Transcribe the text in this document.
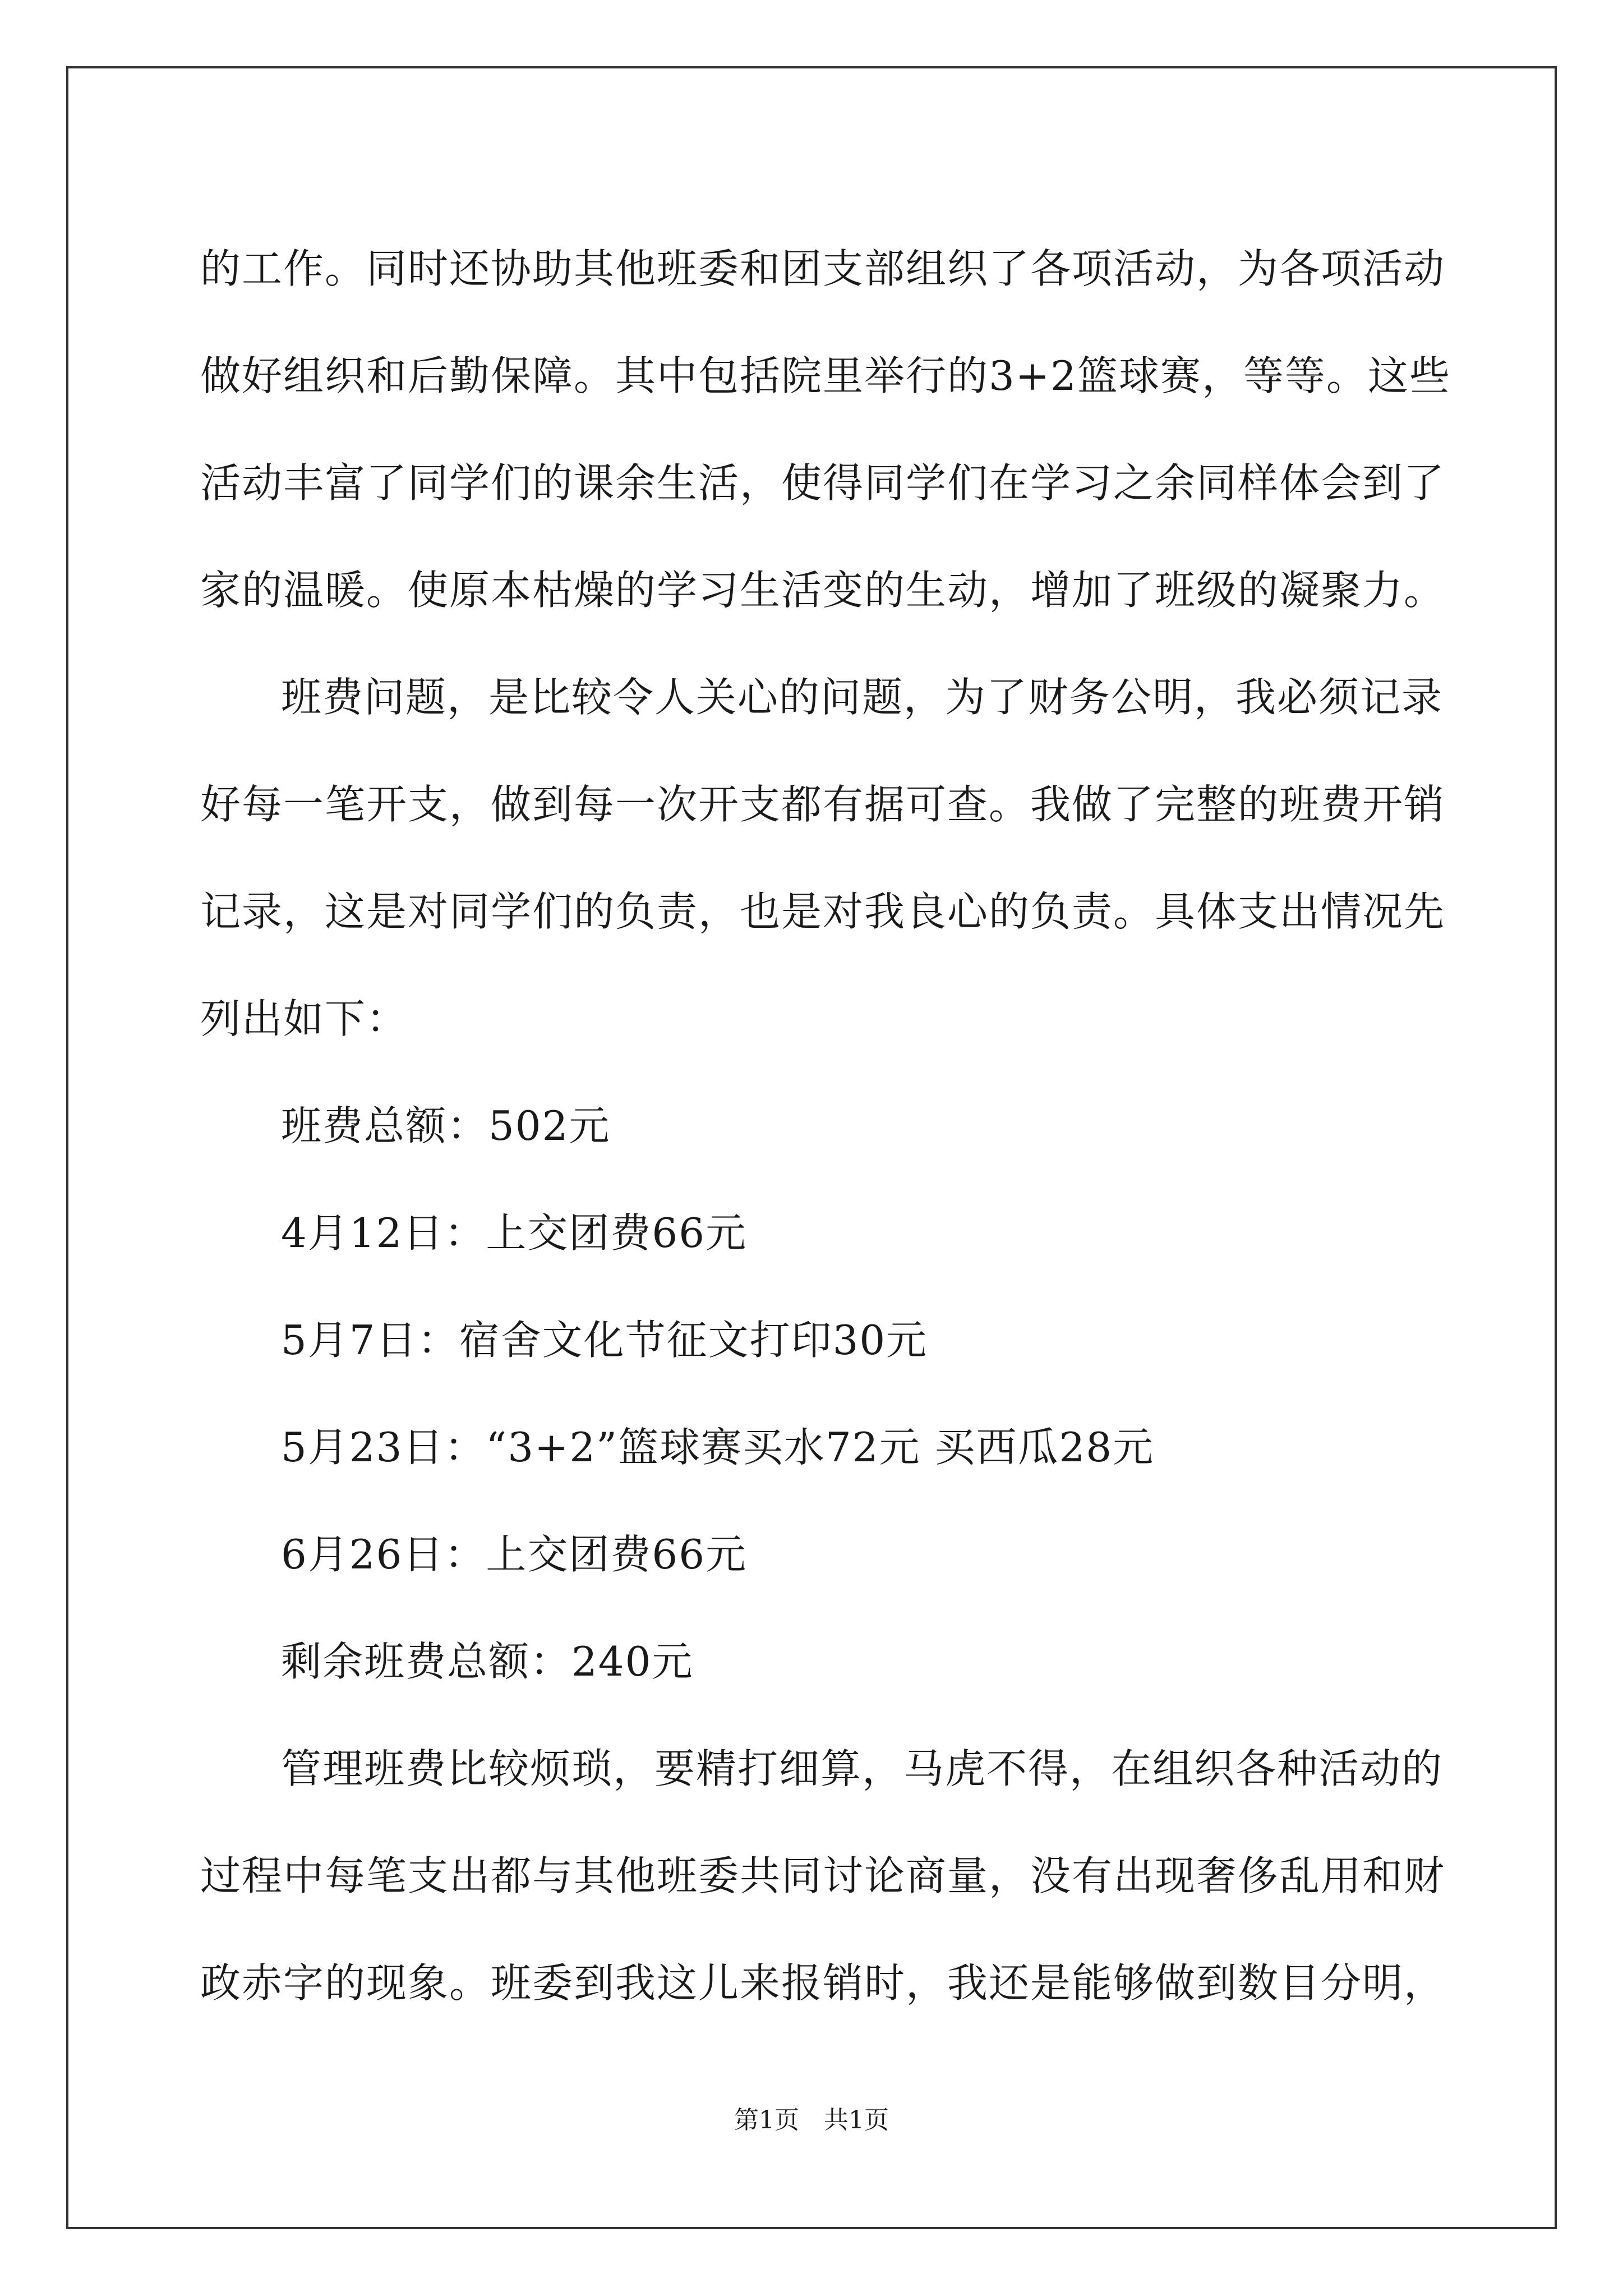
的工作。同时还协助其他班委和团支部组织了各项活动，为各项活动

做好组织和后勤保障。其中包括院里举行的3+2篮球赛，等等。这些

活动丰富了同学们的课余生活，使得同学们在学习之余同样体会到了

家的温暖。使原本枯燥的学习生活变的生动，增加了班级的凝聚力。

班费问题，是比较令人关心的问题，为了财务公明，我必须记录

好每一笔开支，做到每一次开支都有据可查。我做了完整的班费开销

记录，这是对同学们的负责，也是对我良心的负责。具体支出情况先

列出如下：

班费总额：502元

4月12日：上交团费66元

5月7日：宿舍文化节征文打印30元

5月23日：“3+2”篮球赛买水72元 买西瓜28元

6月26日：上交团费66元

剩余班费总额：240元

管理班费比较烦琐，要精打细算，马虎不得，在组织各种活动的

过程中每笔支出都与其他班委共同讨论商量，没有出现奢侈乱用和财

政赤字的现象。班委到我这儿来报销时，我还是能够做到数目分明，

第1页　共1页
